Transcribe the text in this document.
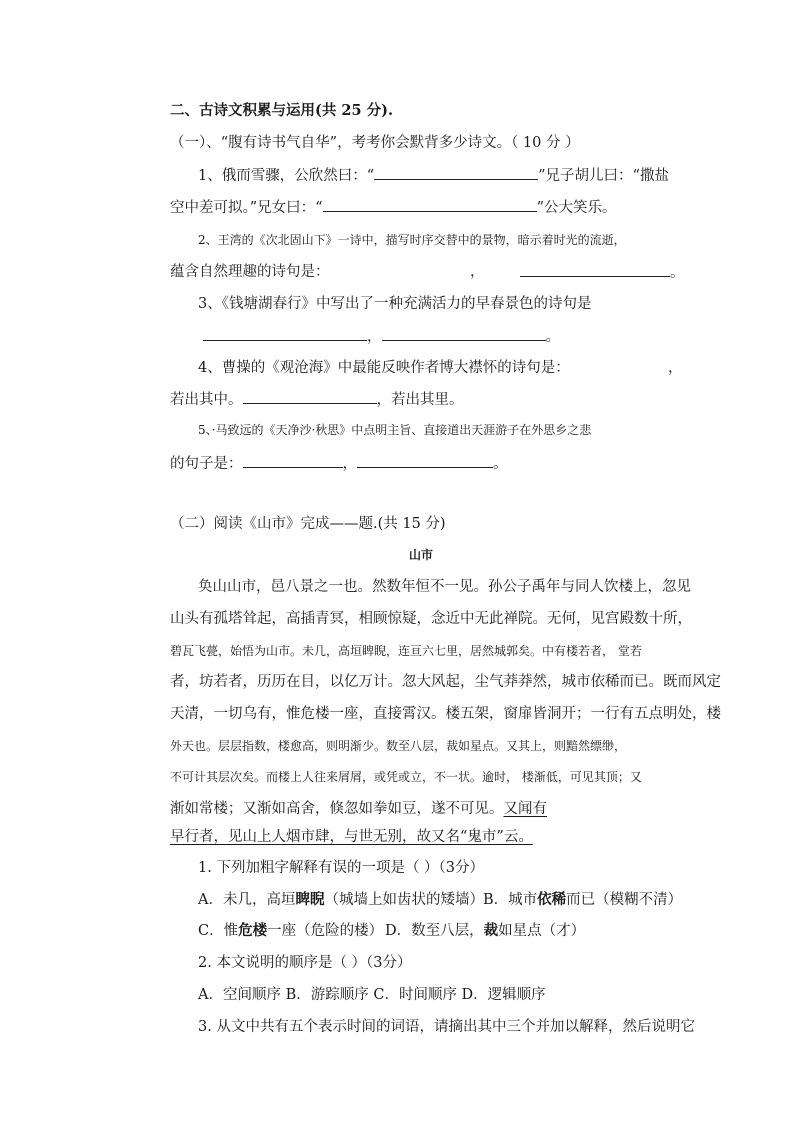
二、古诗文积累与运用(共 25 分).
（一）、“腹有诗书气自华”，考考你会默背多少诗文。（ 10 分 ）
1、俄而雪骤，公欣然曰：“	”兄子胡儿曰：“撒盐
空中差可拟。”兄女曰：“	”公大笑乐。
2、王湾的《次北固山下》一诗中，描写时序交替中的景物，暗示着时光的流逝，
蕴含自然理趣的诗句是：	，	。
3、《钱塘湖春行》中写出了一种充满活力的早春景色的诗句是
，	。
4、曹操的《观沧海》中最能反映作者博大襟怀的诗句是：	，
若出其中。	，若出其里。
5、·马致远的《天净沙·秋思》中点明主旨、直接道出天涯游子在外思乡之悲
的句子是：	，	。
（二）阅读《山市》完成——题.(共 15 分)
山市
奂山山市，邑八景之一也。然数年恒不一见。孙公子禹年与同人饮楼上，忽见
山头有孤塔耸起，高插青冥，相顾惊疑，念近中无此禅院。无何，见宫殿数十所，
碧瓦飞甍，始悟为山市。未几，高垣睥睨，连亘六七里，居然城郭矣。中有楼若者， 堂若
者，坊若者，历历在目，以亿万计。忽大风起，尘气莽莽然，城市依稀而已。既而风定
天清，一切乌有，惟危楼一座，直接霄汉。楼五架，窗扉皆洞开；一行有五点明处，楼
外天也。层层指数，楼愈高，则明渐少。数至八层，裁如星点。又其上，则黯然缥缈，
不可计其层次矣。而楼上人往来屑屑，或凭或立，不一状。逾时， 楼渐低，可见其顶；又
渐如常楼；又渐如高舍，倏忽如拳如豆，遂不可见。又闻有
早行者，见山上人烟市肆，与世无别，故又名“鬼市”云。
1. 下列加粗字解释有误的一项是（ ）（3分）
A．未几，高垣睥睨（城墙上如齿状的矮墙） B．城市依稀而已（模糊不清）
C．惟危楼一座（危险的楼） D．数至八层，裁如星点（才）
2. 本文说明的顺序是（ ）（3分）
A．空间顺序 B．游踪顺序 C．时间顺序 D．逻辑顺序
3. 从文中共有五个表示时间的词语，请摘出其中三个并加以解释，然后说明它
